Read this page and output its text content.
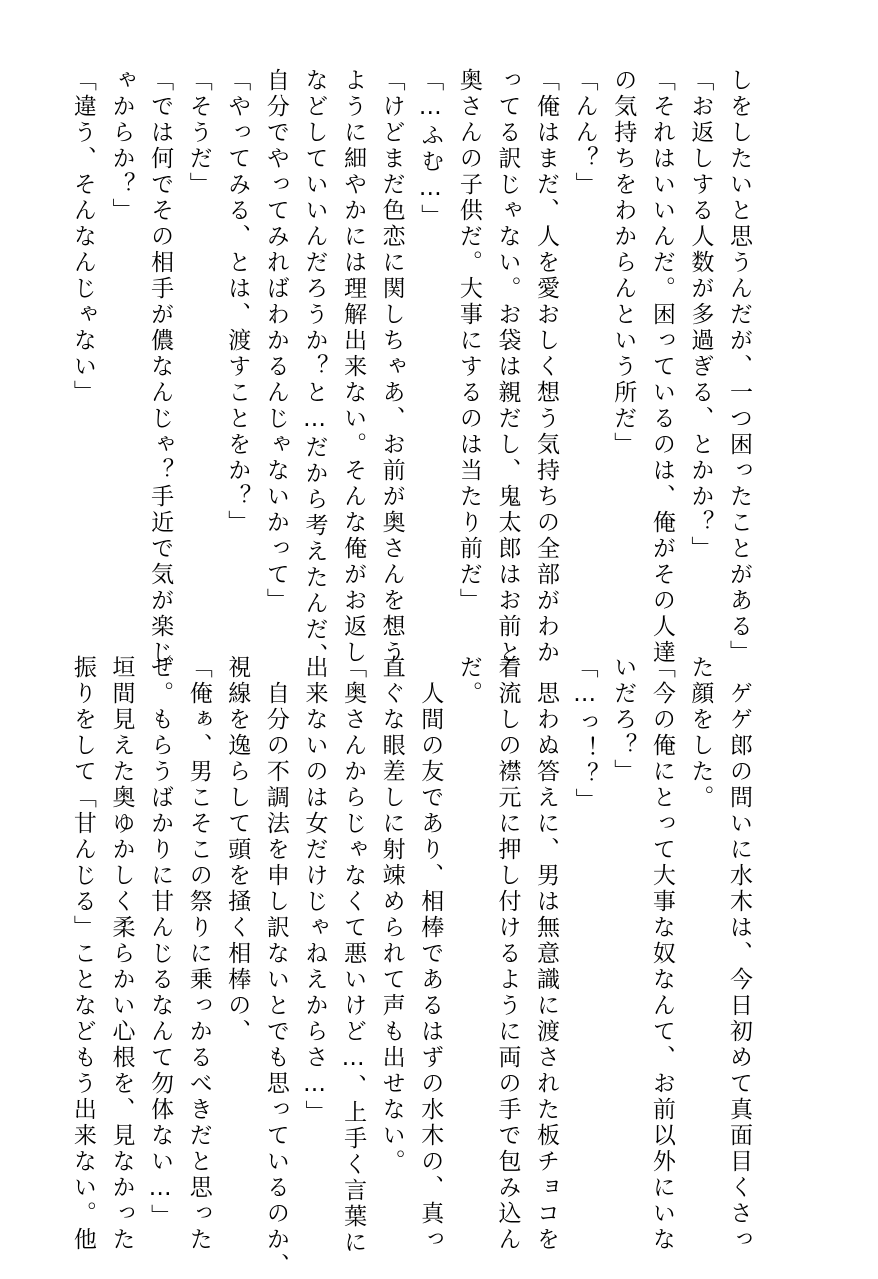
しをしたいと思うんだが、一つ困ったことがある」
「お返しする人数が多過ぎる、とかか？」
「それはいいんだ。困っているのは、俺がその人達
の気持ちをわからんという所だ」
「んん？」
「俺はまだ、人を愛おしく想う気持ちの全部がわか
ってる訳じゃない。お袋は親だし、鬼太郎はお前と
奥さんの子供だ。大事にするのは当たり前だ」
「…ふむ…」
「けどまだ色恋に関しちゃあ、お前が奥さんを想う
ように細やかには理解出来ない。そんな俺がお返し
などしていいんだろうか？と…だから考えたんだ、
自分でやってみればわかるんじゃないかって」
「やってみる、とは、渡すことをか？」
「そうだ」
「では何でその相手が儂なんじゃ？手近で気が楽じ
ゃからか？」
「違う、そんなんじゃない」
　ゲゲ郎の問いに水木は、今日初めて真面目くさっ
た顔をした。
「今の俺にとって大事な奴なんて、お前以外にいな
いだろ？」
「…っ！？」
　思わぬ答えに、男は無意識に渡された板チョコを
着流しの襟元に押し付けるように両の手で包み込ん
だ。
　人間の友であり、相棒であるはずの水木の、真っ
直ぐな眼差しに射竦められて声も出せない。
「奥さんからじゃなくて悪いけど…、上手く言葉に
出来ないのは女だけじゃねえからさ…」
　自分の不調法を申し訳ないとでも思っているのか、
視線を逸らして頭を掻く相棒の、
「俺ぁ、男こそこの祭りに乗っかるべきだと思った
ぜ。もらうばかりに甘んじるなんて勿体ない…」
垣間見えた奥ゆかしく柔らかい心根を、見なかった
振りをして「甘んじる」ことなどもう出来ない。他
